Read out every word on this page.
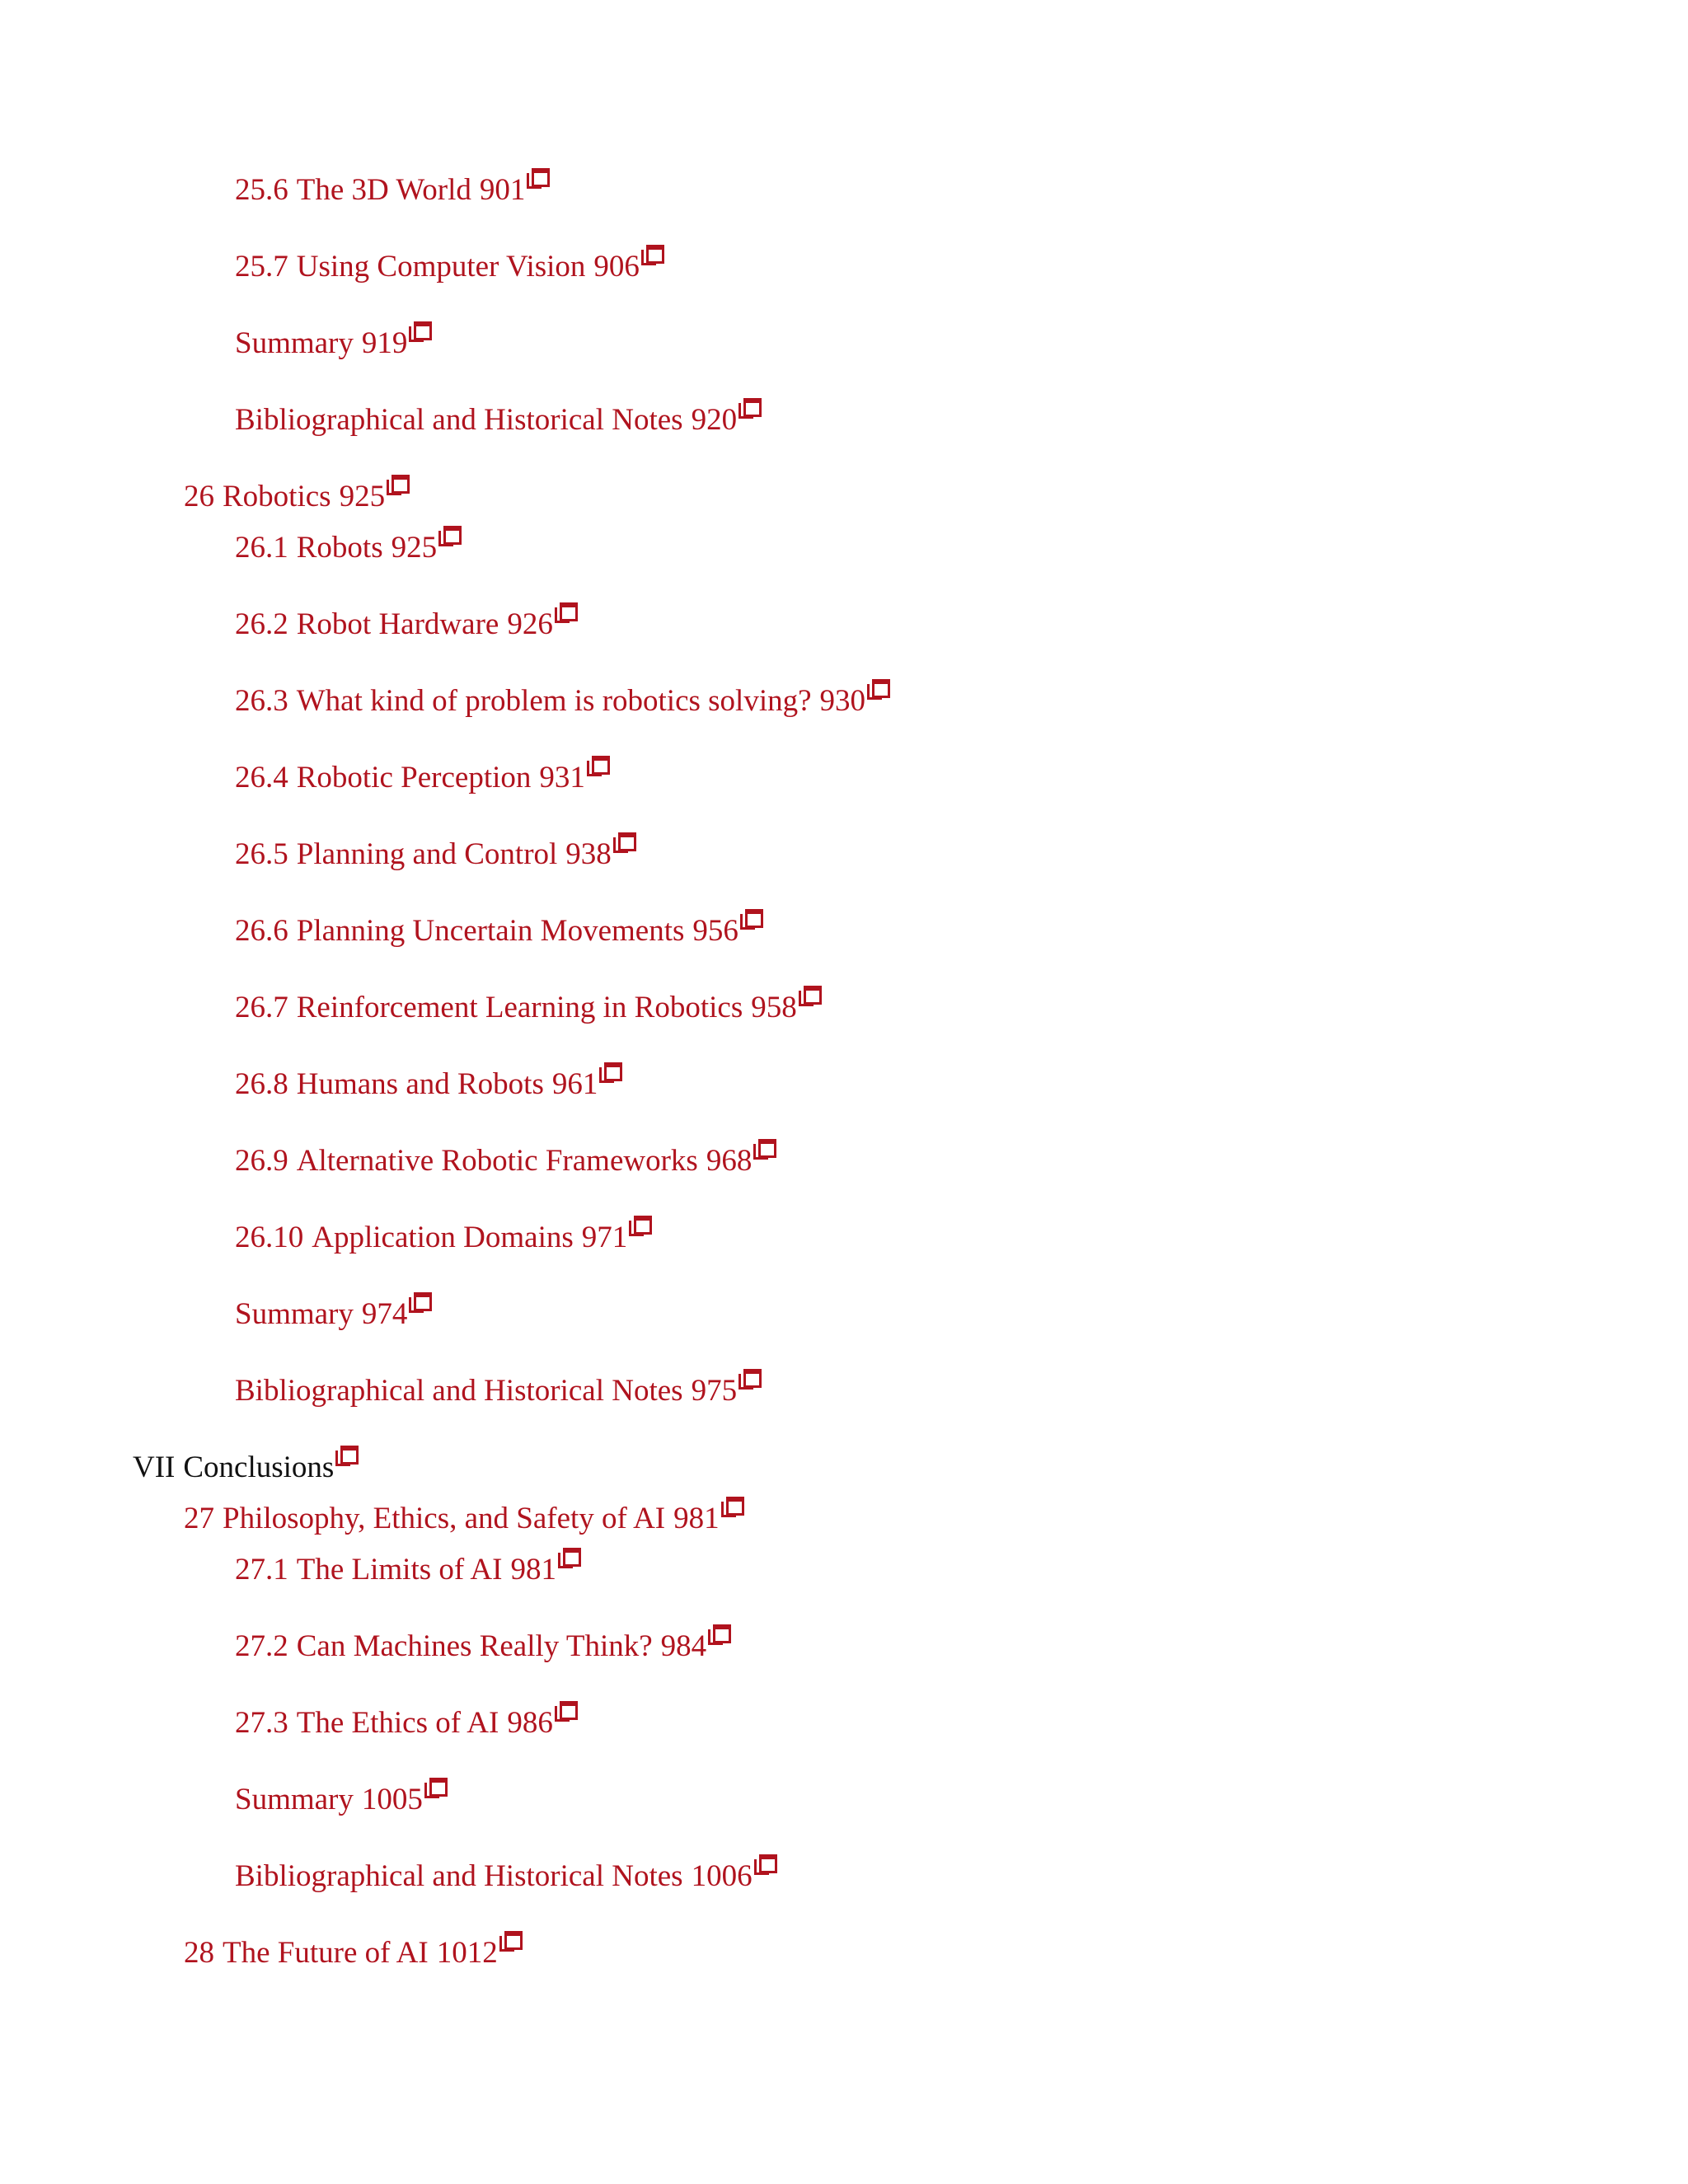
25.6 The 3D World 901
25.7 Using Computer Vision 906
Summary 919
Bibliographical and Historical Notes 920
26 Robotics 925
26.1 Robots 925
26.2 Robot Hardware 926
26.3 What kind of problem is robotics solving? 930
26.4 Robotic Perception 931
26.5 Planning and Control 938
26.6 Planning Uncertain Movements 956
26.7 Reinforcement Learning in Robotics 958
26.8 Humans and Robots 961
26.9 Alternative Robotic Frameworks 968
26.10 Application Domains 971
Summary 974
Bibliographical and Historical Notes 975
VII Conclusions
27 Philosophy, Ethics, and Safety of AI 981
27.1 The Limits of AI 981
27.2 Can Machines Really Think? 984
27.3 The Ethics of AI 986
Summary 1005
Bibliographical and Historical Notes 1006
28 The Future of AI 1012
